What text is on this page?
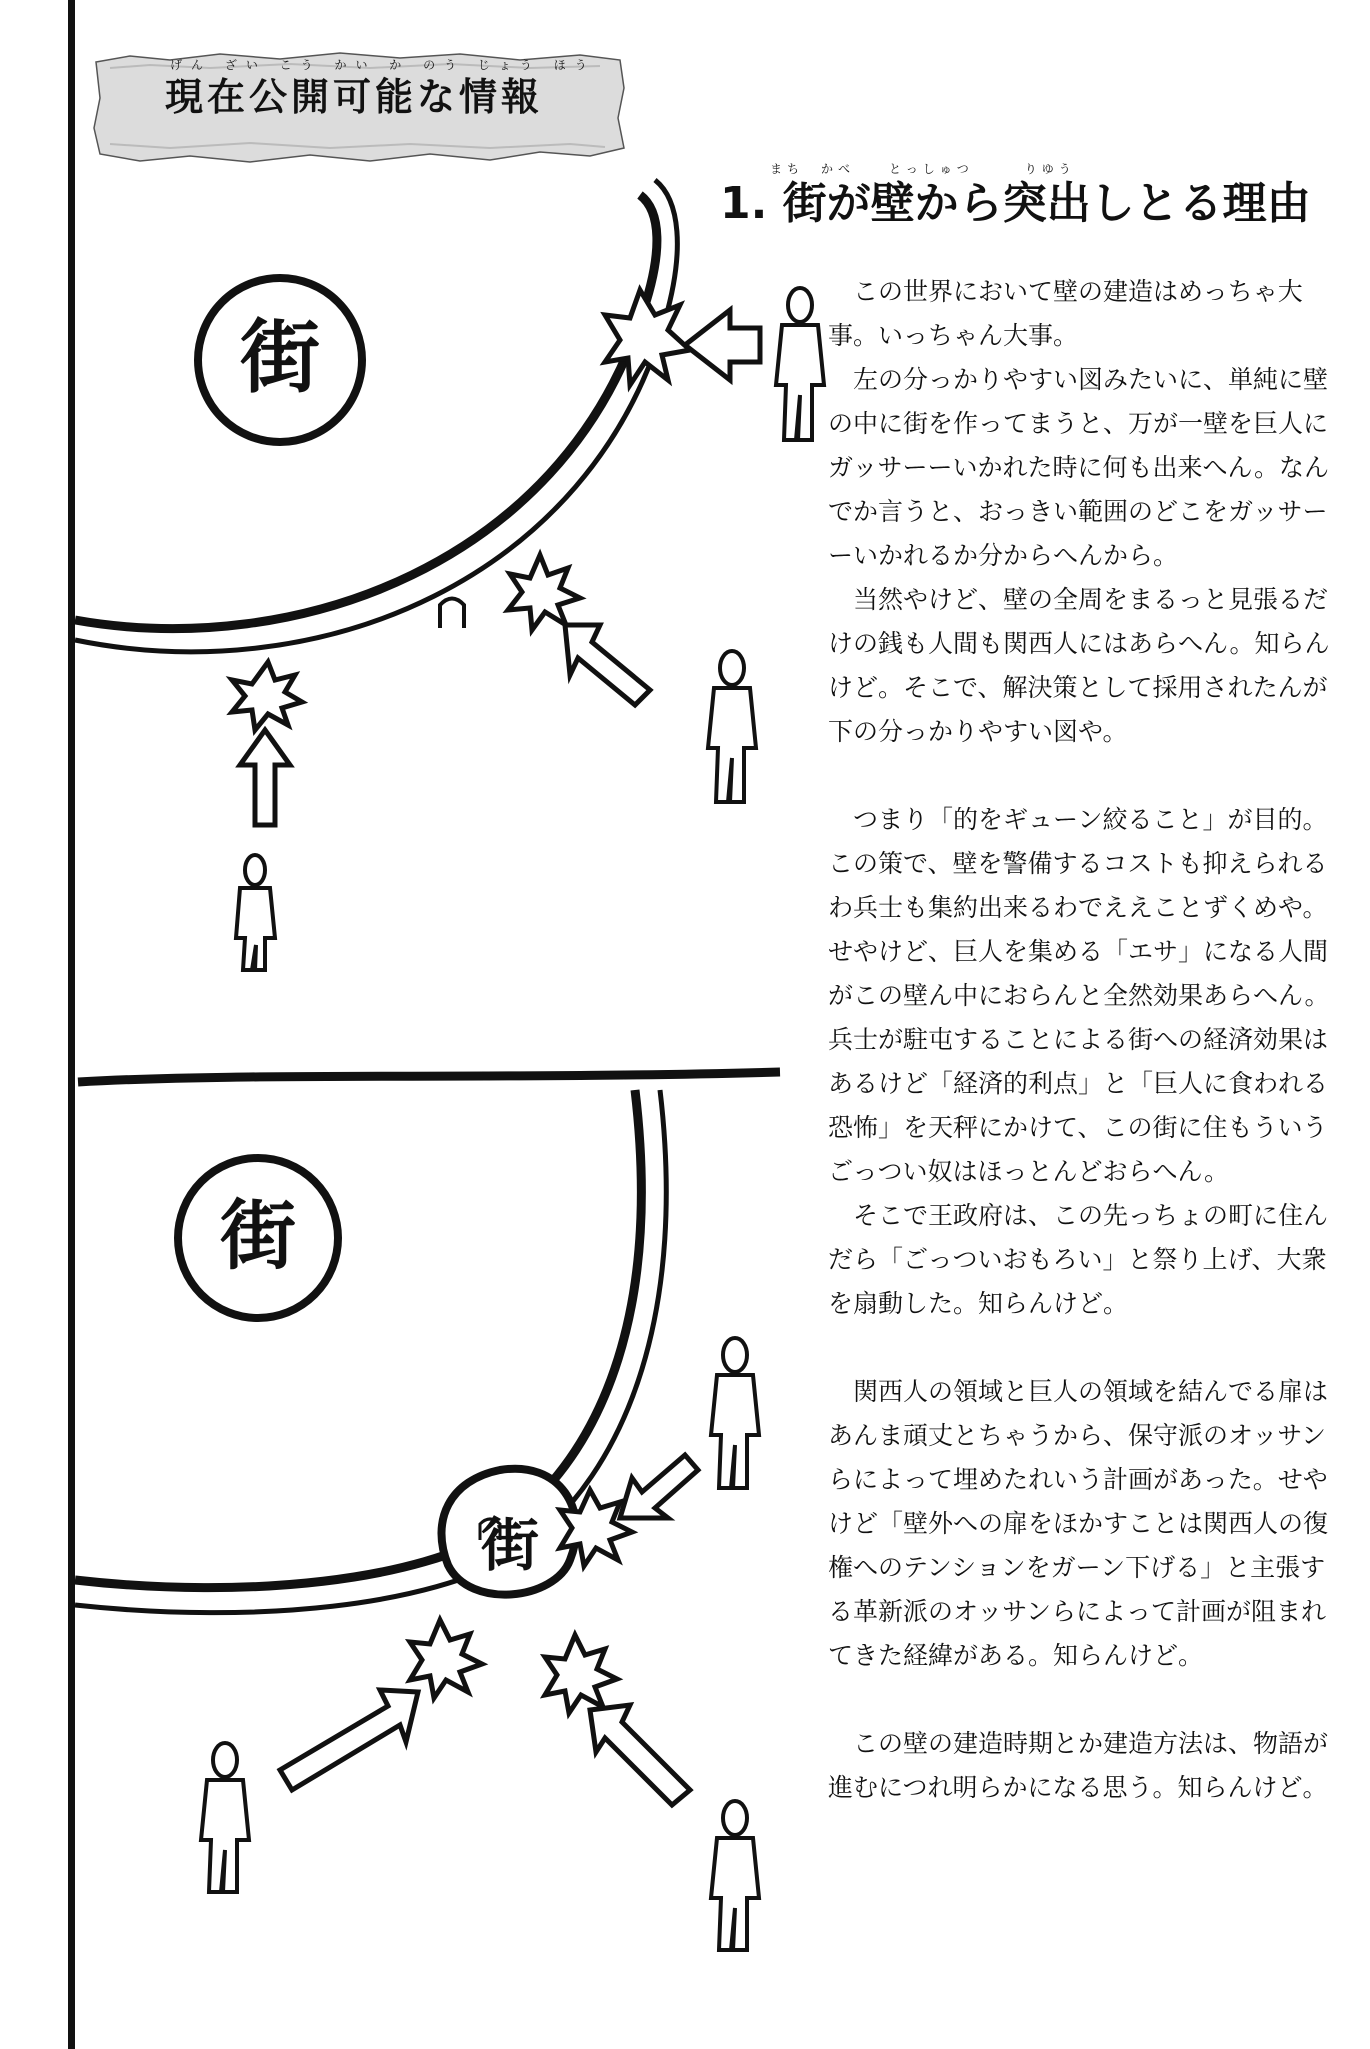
げん ざい こう かい か のう じょう ほう
現在公開可能な情報
街
街
街
まち　かべ　　とっしゅつ　　　りゆう
1. 街が壁から突出しとる理由

この世界において壁の建造はめっちゃ大事。いっちゃん大事。

左の分っかりやすい図みたいに、単純に壁の中に街を作ってまうと、万が一壁を巨人にガッサーーいかれた時に何も出来へん。なんでか言うと、おっきい範囲のどこをガッサーーいかれるか分からへんから。

当然やけど、壁の全周をまるっと見張るだけの銭も人間も関西人にはあらへん。知らんけど。そこで、解決策として採用されたんが下の分っかりやすい図や。

つまり「的をギューン絞ること」が目的。この策で、壁を警備するコストも抑えられるわ兵士も集約出来るわでええことずくめや。せやけど、巨人を集める「エサ」になる人間がこの壁ん中におらんと全然効果あらへん。兵士が駐屯することによる街への経済効果はあるけど「経済的利点」と「巨人に食われる恐怖」を天秤にかけて、この街に住もういうごっつい奴はほっとんどおらへん。

そこで王政府は、この先っちょの町に住んだら「ごっついおもろい」と祭り上げ、大衆を扇動した。知らんけど。

関西人の領域と巨人の領域を結んでる扉はあんま頑丈とちゃうから、保守派のオッサンらによって埋めたれいう計画があった。せやけど「壁外への扉をほかすことは関西人の復権へのテンションをガーン下げる」と主張する革新派のオッサンらによって計画が阻まれてきた経緯がある。知らんけど。

この壁の建造時期とか建造方法は、物語が進むにつれ明らかになる思う。知らんけど。
